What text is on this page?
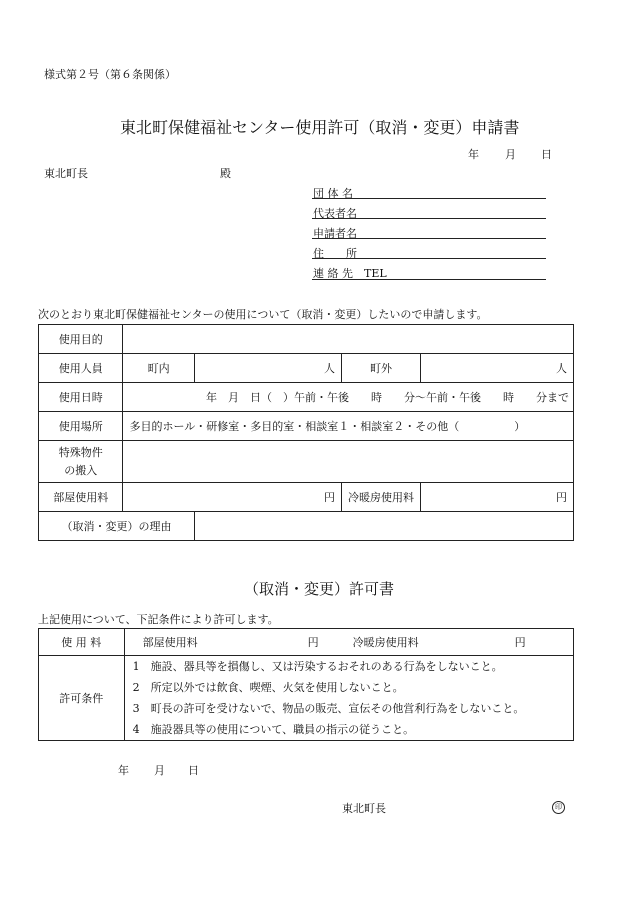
様式第２号（第６条関係）
東北町保健福祉センター使用許可（取消・変更）申請書
年 月 日
東北町長	殿
団 体 名
代表者名
申請者名
住　　所
連 絡 先　TEL
次のとおり東北町保健福祉センターの使用について（取消・変更）したいので申請します。
使用目的				
使用人員	町内	人	町外	人
使用日時	年　月　日（　）午前・午後　　時　　分～午前・午後　　時　　分まで			
使用場所	多目的ホール・研修室・多目的室・相談室１・相談室２・その他（　　　　　）			
特殊物件
の搬入				
部屋使用料	円		冷暖房使用料	円
（取消・変更）の理由				
（取消・変更）許可書
上記使用について、下記条件により許可します。
使 用 料	部屋使用料 円 冷暖房使用料 円
許可条件	1 施設、器具等を損傷し、又は汚染するおそれのある行為をしないこと。
2 所定以外では飲食、喫煙、火気を使用しないこと。
3 町長の許可を受けないで、物品の販売、宣伝その他営利行為をしないこと。
4 施設器具等の使用について、職員の指示の従うこと。
年 月 日
東北町長	印
